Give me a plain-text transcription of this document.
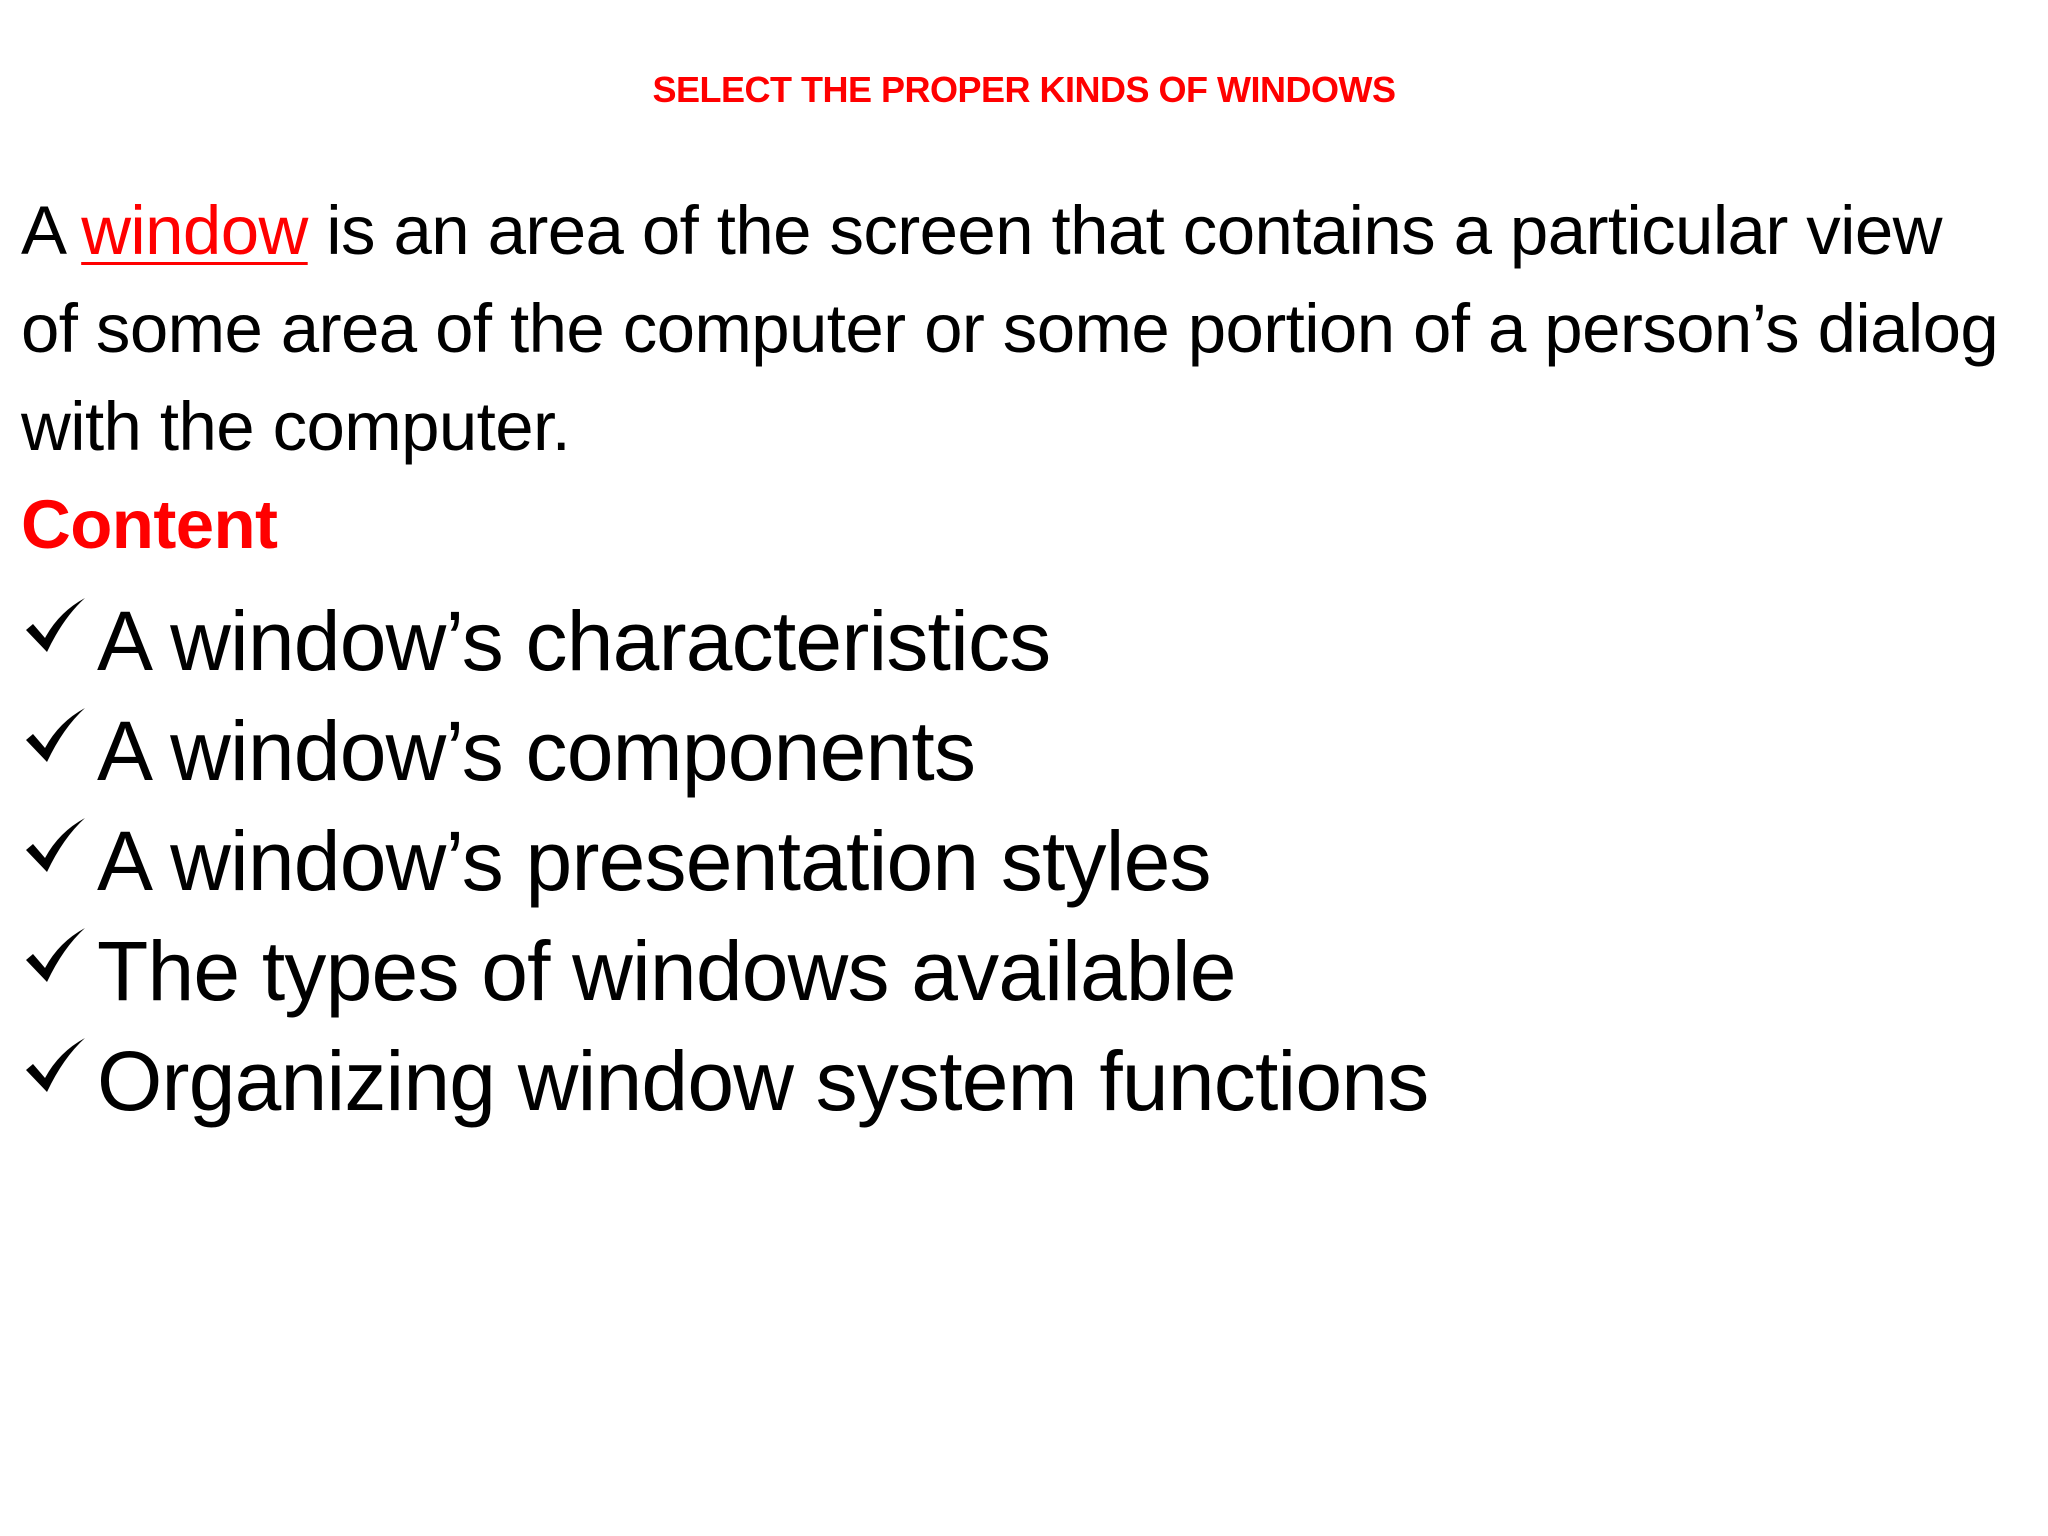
SELECT THE PROPER KINDS OF WINDOWS

A window is an area of the screen that contains a particular view of some area of the computer or some portion of a person’s dialog with the computer.

Content

A window’s characteristics
A window’s components
A window’s presentation styles
The types of windows available
Organizing window system functions
